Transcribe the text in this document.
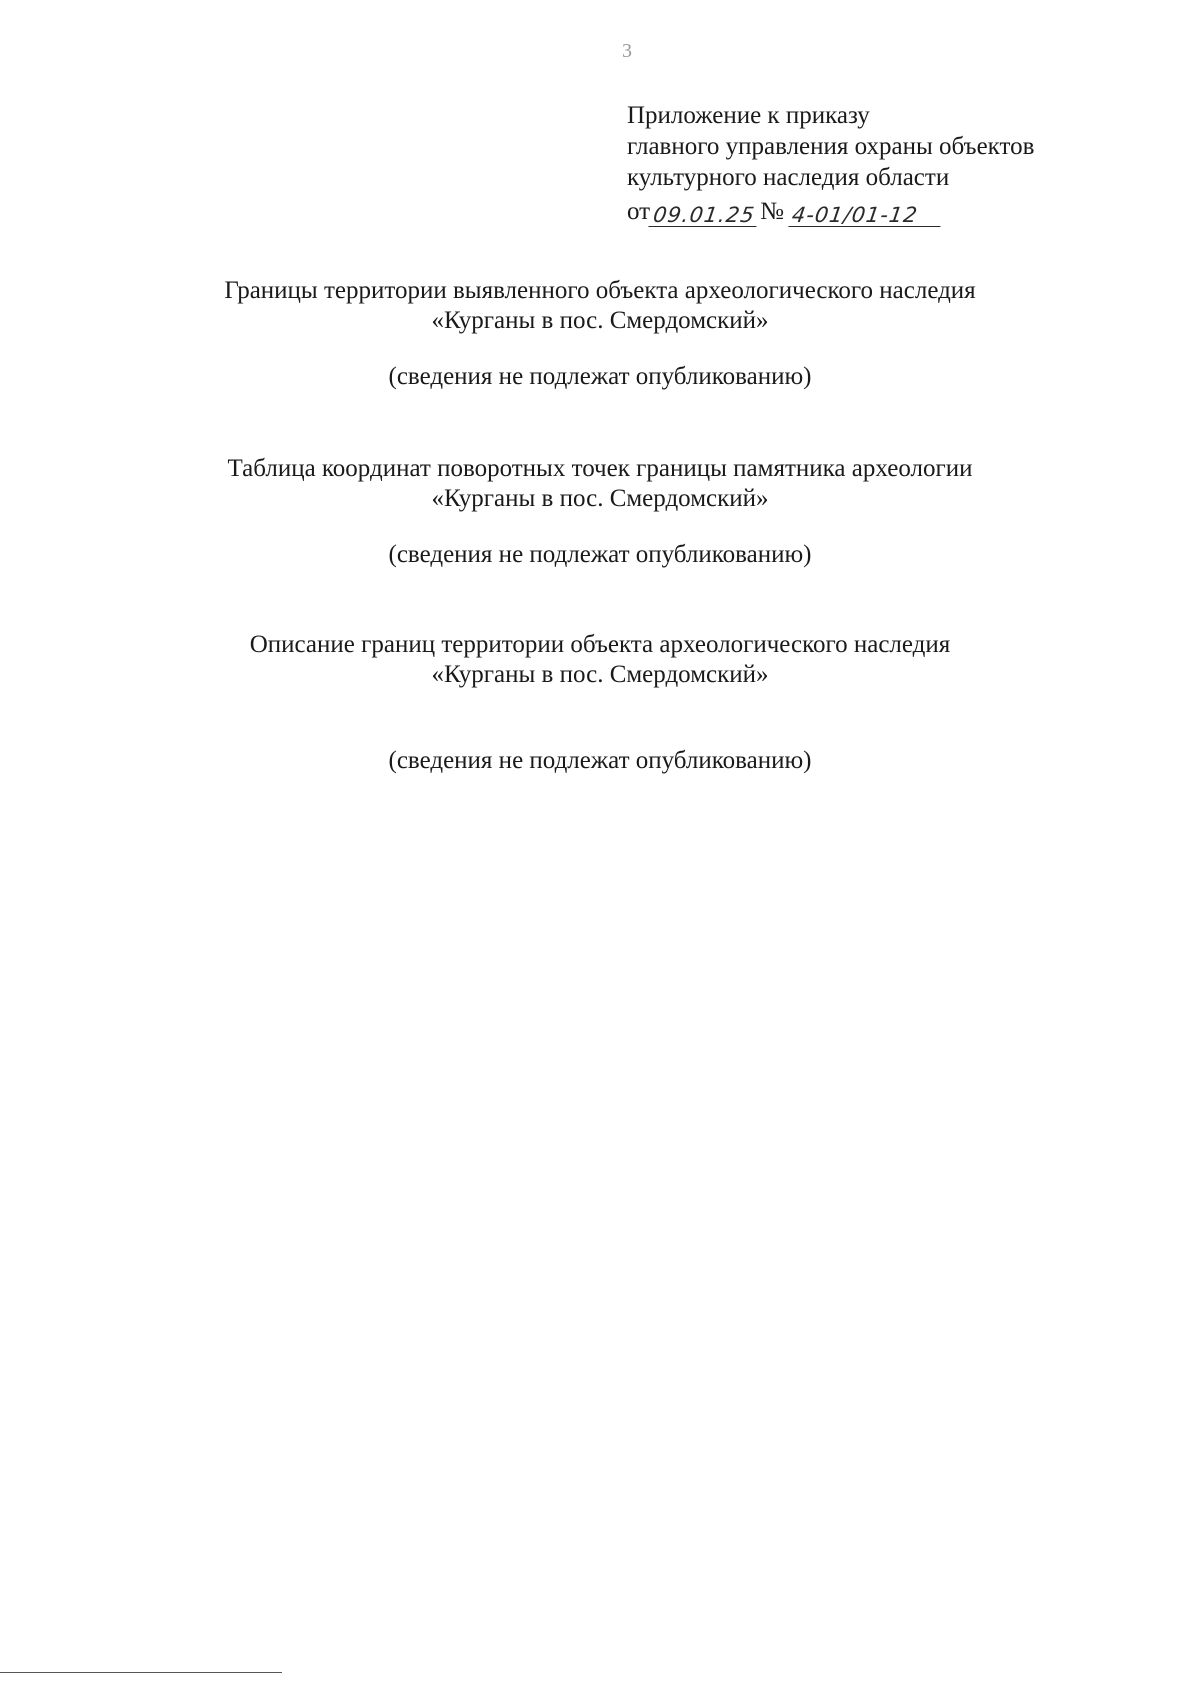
3
Приложение к приказу
главного управления охраны объектов
культурного наследия области
от 09.01.25 № 4-01/01-12
Границы территории выявленного объекта археологического наследия
«Курганы в пос. Смердомский»
(сведения не подлежат опубликованию)
Таблица координат поворотных точек границы памятника археологии
«Курганы в пос. Смердомский»
(сведения не подлежат опубликованию)
Описание границ территории объекта археологического наследия
«Курганы в пос. Смердомский»
(сведения не подлежат опубликованию)
